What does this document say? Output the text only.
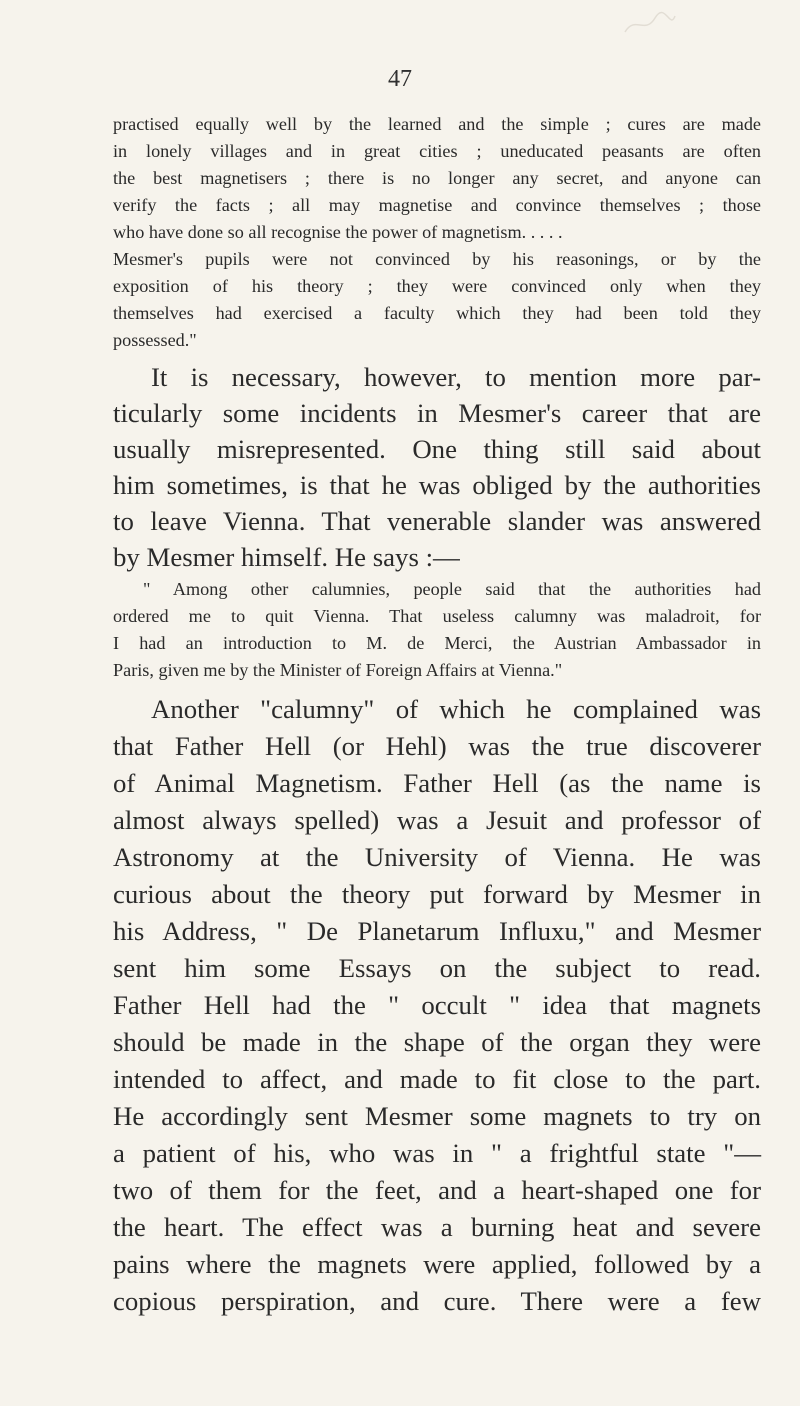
47
practised equally well by the learned and the simple ; cures are made
in lonely villages and in great cities ; uneducated peasants are often
the best magnetisers ; there is no longer any secret, and anyone can
verify the facts ; all may magnetise and convince themselves ; those
who have done so all recognise the power of magnetism. . . . .
Mesmer's pupils were not convinced by his reasonings, or by the
exposition of his theory ; they were convinced only when they
themselves had exercised a faculty which they had been told they
possessed."
It is necessary, however, to mention more par-
ticularly some incidents in Mesmer's career that are
usually misrepresented. One thing still said about
him sometimes, is that he was obliged by the authorities
to leave Vienna. That venerable slander was answered
by Mesmer himself. He says :—
" Among other calumnies, people said that the authorities had
ordered me to quit Vienna. That useless calumny was maladroit, for
I had an introduction to M. de Merci, the Austrian Ambassador in
Paris, given me by the Minister of Foreign Affairs at Vienna."
Another "calumny" of which he complained was
that Father Hell (or Hehl) was the true discoverer
of Animal Magnetism. Father Hell (as the name is
almost always spelled) was a Jesuit and professor of
Astronomy at the University of Vienna. He was
curious about the theory put forward by Mesmer in
his Address, " De Planetarum Influxu," and Mesmer
sent him some Essays on the subject to read.
Father Hell had the " occult " idea that magnets
should be made in the shape of the organ they were
intended to affect, and made to fit close to the part.
He accordingly sent Mesmer some magnets to try on
a patient of his, who was in " a frightful state "—
two of them for the feet, and a heart-shaped one for
the heart. The effect was a burning heat and severe
pains where the magnets were applied, followed by a
copious perspiration, and cure. There were a few
